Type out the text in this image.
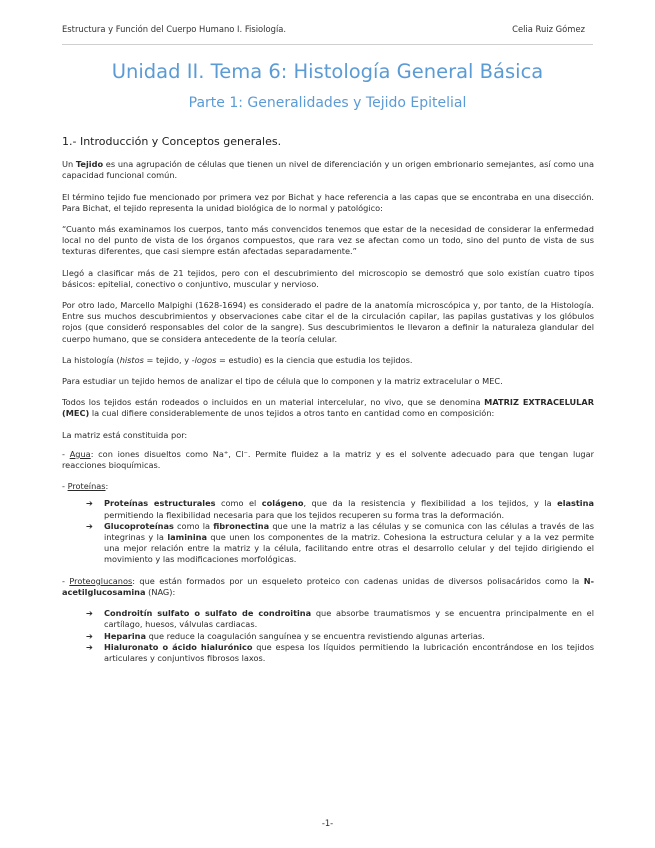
Estructura y Función del Cuerpo Humano I. Fisiología.	Celia Ruiz Gómez
Unidad II. Tema 6: Histología General Básica
Parte 1: Generalidades y Tejido Epitelial
1.- Introducción y Conceptos generales.

Un Tejido es una agrupación de células que tienen un nivel de diferenciación y un origen embrionario semejantes, así como una capacidad funcional común.

El término tejido fue mencionado por primera vez por Bichat y hace referencia a las capas que se encontraba en una disección. Para Bichat, el tejido representa la unidad biológica de lo normal y patológico:

“Cuanto más examinamos los cuerpos, tanto más convencidos tenemos que estar de la necesidad de considerar la enfermedad local no del punto de vista de los órganos compuestos, que rara vez se afectan como un todo, sino del punto de vista de sus texturas diferentes, que casi siempre están afectadas separadamente.”

Llegó a clasificar más de 21 tejidos, pero con el descubrimiento del microscopio se demostró que solo existían cuatro tipos básicos: epitelial, conectivo o conjuntivo, muscular y nervioso.

Por otro lado, Marcello Malpighi (1628-1694) es considerado el padre de la anatomía microscópica y, por tanto, de la Histología. Entre sus muchos descubrimientos y observaciones cabe citar el de la circulación capilar, las papilas gustativas y los glóbulos rojos (que consideró responsables del color de la sangre). Sus descubrimientos le llevaron a definir la naturaleza glandular del cuerpo humano, que se considera antecedente de la teoría celular.

La histología (histos = tejido, y -logos = estudio) es la ciencia que estudia los tejidos.

Para estudiar un tejido hemos de analizar el tipo de célula que lo componen y la matriz extracelular o MEC.

Todos los tejidos están rodeados o incluidos en un material intercelular, no vivo, que se denomina MATRIZ EXTRACELULAR (MEC) la cual difiere considerablemente de unos tejidos a otros tanto en cantidad como en composición:

La matriz está constituida por:

- Agua: con iones disueltos como Na⁺, Cl⁻. Permite fluidez a la matriz y es el solvente adecuado para que tengan lugar reacciones bioquímicas.

- Proteínas:

➔ Proteínas estructurales como el colágeno, que da la resistencia y flexibilidad a los tejidos, y la elastina permitiendo la flexibilidad necesaria para que los tejidos recuperen su forma tras la deformación.
➔ Glucoproteínas como la fibronectina que une la matriz a las células y se comunica con las células a través de las integrinas y la laminina que unen los componentes de la matriz. Cohesiona la estructura celular y a la vez permite una mejor relación entre la matriz y la célula, facilitando entre otras el desarrollo celular y del tejido dirigiendo el movimiento y las modificaciones morfológicas.

- Proteoglucanos: que están formados por un esqueleto proteico con cadenas unidas de diversos polisacáridos como la N-acetilglucosamina (NAG):

➔ Condroitín sulfato o sulfato de condroitina que absorbe traumatismos y se encuentra principalmente en el cartílago, huesos, válvulas cardiacas.
➔ Heparina que reduce la coagulación sanguínea y se encuentra revistiendo algunas arterias.
➔ Hialuronato o ácido hialurónico que espesa los líquidos permitiendo la lubricación encontrándose en los tejidos articulares y conjuntivos fibrosos laxos.
-1-
